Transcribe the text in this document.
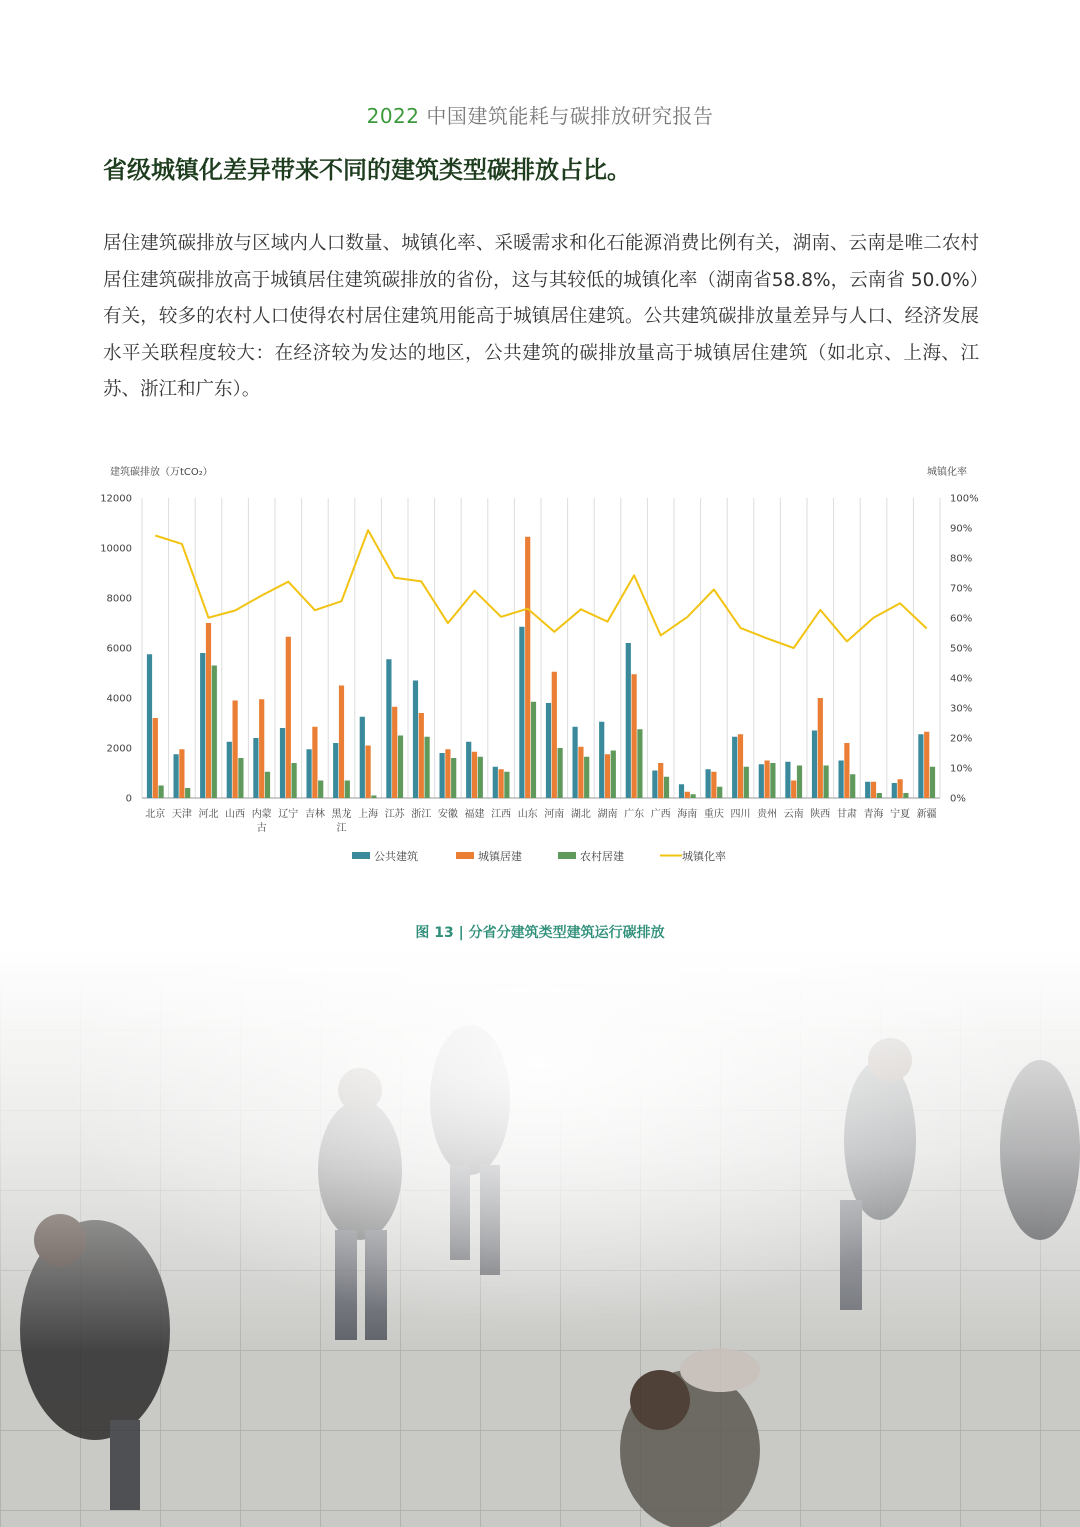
2022 中国建筑能耗与碳排放研究报告
省级城镇化差异带来不同的建筑类型碳排放占比。

居住建筑碳排放与区域内人口数量、城镇化率、采暖需求和化石能源消费比例有关，湖南、云南是唯二农村居住建筑碳排放高于城镇居住建筑碳排放的省份，这与其较低的城镇化率（湖南省58.8%，云南省 50.0%）有关，较多的农村人口使得农村居住建筑用能高于城镇居住建筑。公共建筑碳排放量差异与人口、经济发展水平关联程度较大：在经济较为发达的地区，公共建筑的碳排放量高于城镇居住建筑（如北京、上海、江苏、浙江和广东）。

0
2000
4000
6000
8000
10000
12000
0%
10%
20%
30%
40%
50%
60%
70%
80%
90%
100%
建筑碳排放（万tCO₂）	城镇化率
北京 天津 河北 山西 内蒙
古
辽宁 吉林 黑龙
江
上海 江苏 浙江 安徽 福建 江西 山东 河南 湖北 湖南 广东 广西 海南 重庆 四川 贵州 云南 陕西 甘肃 青海 宁夏 新疆
公共建筑	城镇居建	农村居建	城镇化率
图 13 | 分省分建筑类型建筑运行碳排放
